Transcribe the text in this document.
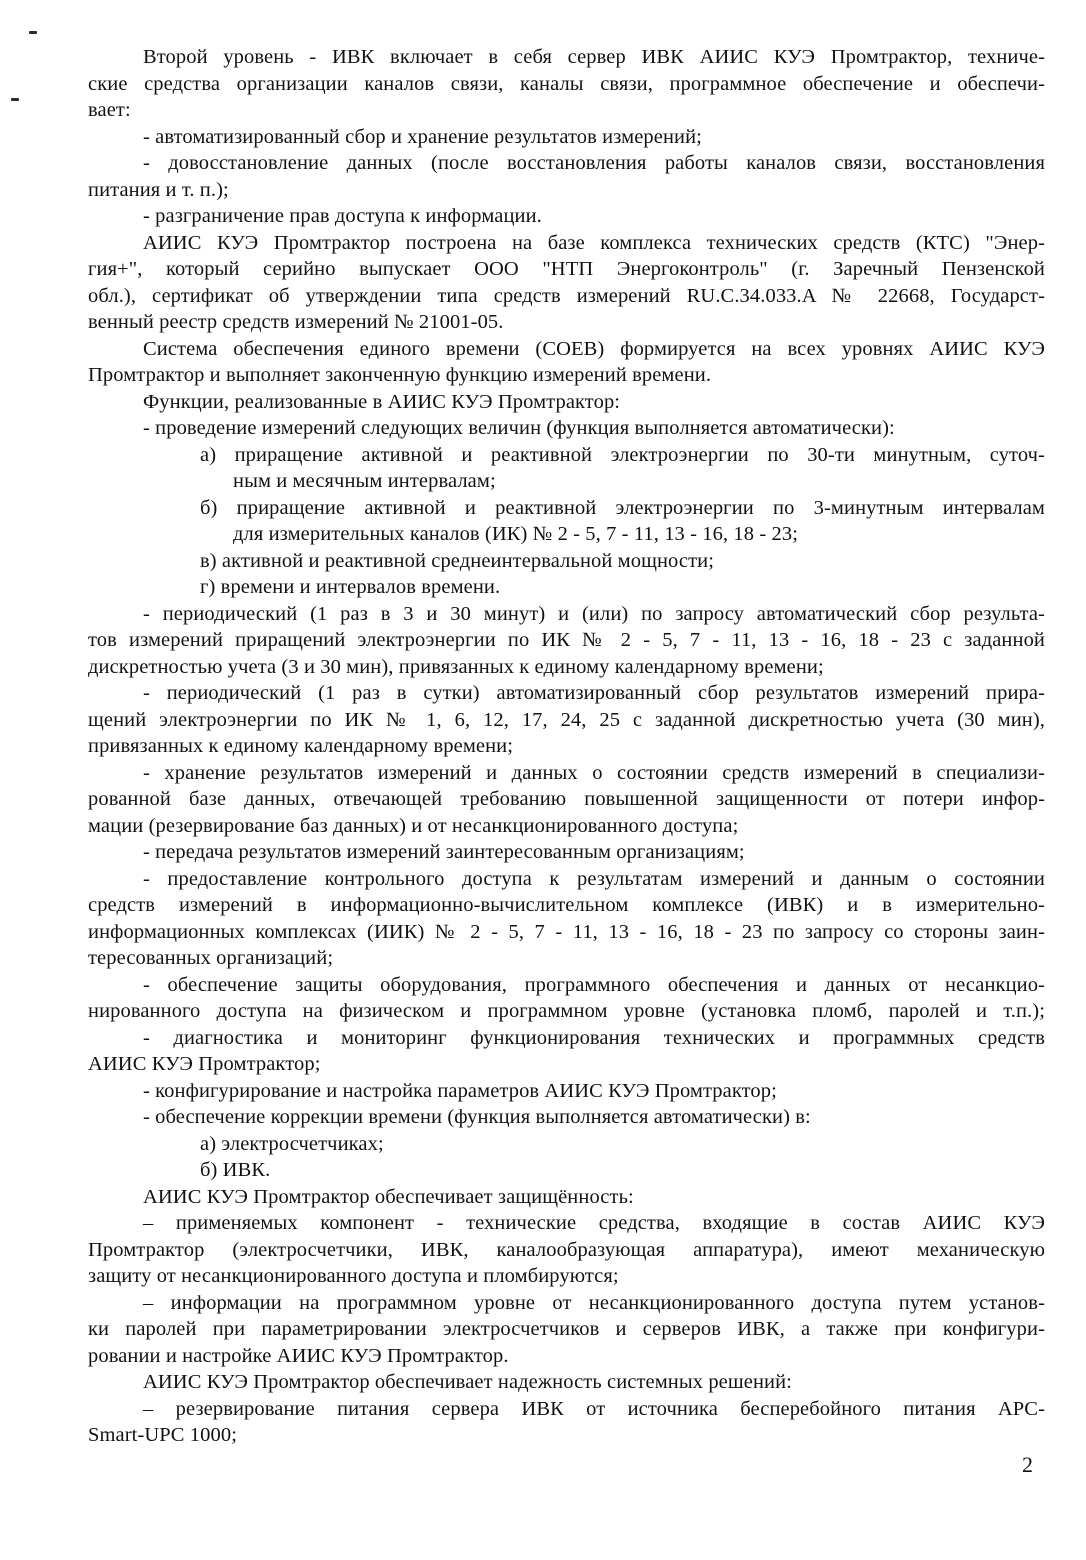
Второй уровень - ИВК включает в себя сервер ИВК АИИС КУЭ Промтрактор, техниче-
ские средства организации каналов связи, каналы связи, программное обеспечение и обеспечи-
вает:
- автоматизированный сбор и хранение результатов измерений;
- довосстановление данных (после восстановления работы каналов связи, восстановления
питания и т. п.);
- разграничение прав доступа к информации.
АИИС КУЭ Промтрактор построена на базе комплекса технических средств (КТС) "Энер-
гия+", который серийно выпускает ООО "НТП Энергоконтроль" (г. Заречный Пензенской
обл.), сертификат об утверждении типа средств измерений RU.C.34.033.A № 22668, Государст-
венный реестр средств измерений № 21001-05.
Система обеспечения единого времени (СОЕВ) формируется на всех уровнях АИИС КУЭ
Промтрактор и выполняет законченную функцию измерений времени.
Функции, реализованные в АИИС КУЭ Промтрактор:
- проведение измерений следующих величин (функция выполняется автоматически):
а) приращение активной и реактивной электроэнергии по 30-ти минутным, суточ-
ным и месячным интервалам;
б) приращение активной и реактивной электроэнергии по 3-минутным интервалам
для измерительных каналов (ИК) № 2 - 5, 7 - 11, 13 - 16, 18 - 23;
в) активной и реактивной среднеинтервальной мощности;
г) времени и интервалов времени.
- периодический (1 раз в 3 и 30 минут) и (или) по запросу автоматический сбор результа-
тов измерений приращений электроэнергии по ИК № 2 - 5, 7 - 11, 13 - 16, 18 - 23 с заданной
дискретностью учета (3 и 30 мин), привязанных к единому календарному времени;
- периодический (1 раз в сутки) автоматизированный сбор результатов измерений прира-
щений электроэнергии по ИК № 1, 6, 12, 17, 24, 25 с заданной дискретностью учета (30 мин),
привязанных к единому календарному времени;
- хранение результатов измерений и данных о состоянии средств измерений в специализи-
рованной базе данных, отвечающей требованию повышенной защищенности от потери инфор-
мации (резервирование баз данных) и от несанкционированного доступа;
- передача результатов измерений заинтересованным организациям;
- предоставление контрольного доступа к результатам измерений и данным о состоянии
средств измерений в информационно-вычислительном комплексе (ИВК) и в измерительно-
информационных комплексах (ИИК) № 2 - 5, 7 - 11, 13 - 16, 18 - 23 по запросу со стороны заин-
тересованных организаций;
- обеспечение защиты оборудования, программного обеспечения и данных от несанкцио-
нированного доступа на физическом и программном уровне (установка пломб, паролей и т.п.);
- диагностика и мониторинг функционирования технических и программных средств
АИИС КУЭ Промтрактор;
- конфигурирование и настройка параметров АИИС КУЭ Промтрактор;
- обеспечение коррекции времени (функция выполняется автоматически) в:
а) электросчетчиках;
б) ИВК.
АИИС КУЭ Промтрактор обеспечивает защищённость:
– применяемых компонент - технические средства, входящие в состав АИИС КУЭ
Промтрактор (электросчетчики, ИВК, каналообразующая аппаратура), имеют механическую
защиту от несанкционированного доступа и пломбируются;
– информации на программном уровне от несанкционированного доступа путем установ-
ки паролей при параметрировании электросчетчиков и серверов ИВК, а также при конфигури-
ровании и настройке АИИС КУЭ Промтрактор.
АИИС КУЭ Промтрактор обеспечивает надежность системных решений:
– резервирование питания сервера ИВК от источника бесперебойного питания APC-
Smart-UPC 1000;
2
